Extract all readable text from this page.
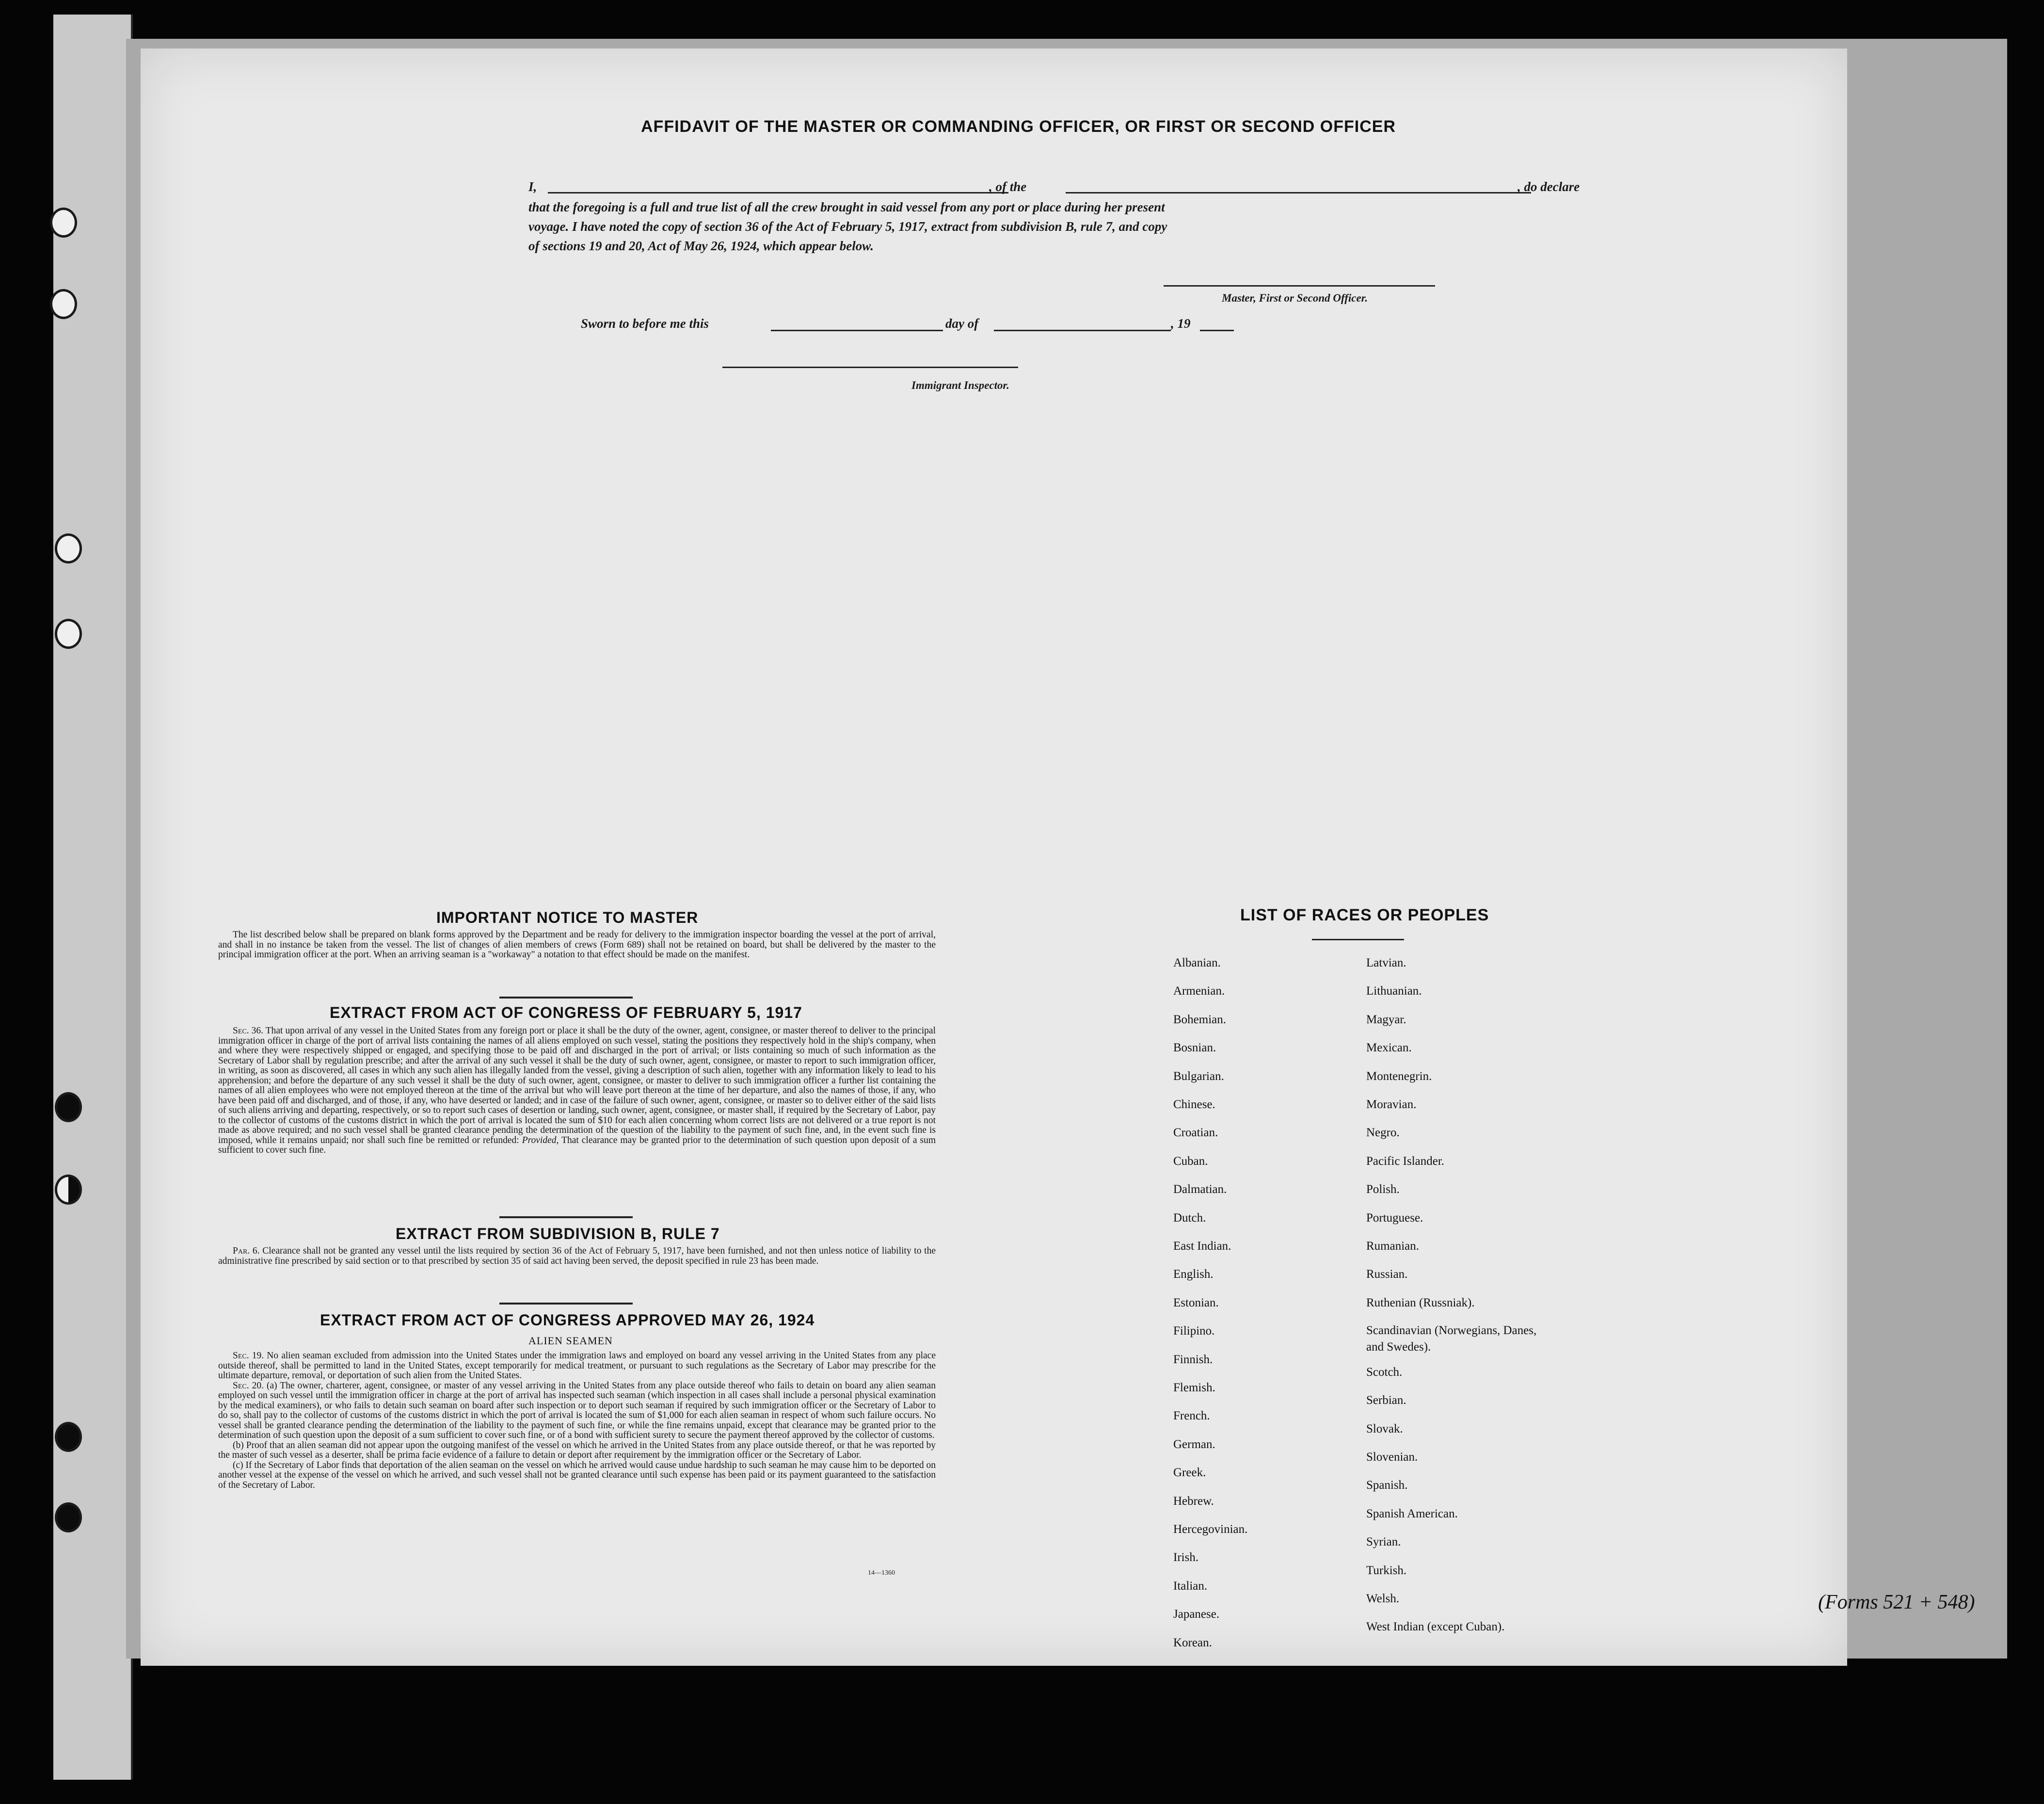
AFFIDAVIT OF THE MASTER OR COMMANDING OFFICER, OR FIRST OR SECOND OFFICER
I,	, of the	, do declare
that the foregoing is a full and true list of all the crew brought in said vessel from any port or place during her present
voyage. I have noted the copy of section 36 of the Act of February 5, 1917, extract from subdivision B, rule 7, and copy
of sections 19 and 20, Act of May 26, 1924, which appear below.
Master, First or Second Officer.
Sworn to before me this	day of	, 19
Immigrant Inspector.
IMPORTANT NOTICE TO MASTER

The list described below shall be prepared on blank forms approved by the Department and be ready for delivery to the immigration inspector boarding the vessel at the port of arrival, and shall in no instance be taken from the vessel. The list of changes of alien members of crews (Form 689) shall not be retained on board, but shall be delivered by the master to the principal immigration officer at the port. When an arriving seaman is a "workaway" a notation to that effect should be made on the manifest.

EXTRACT FROM ACT OF CONGRESS OF FEBRUARY 5, 1917

Sec. 36. That upon arrival of any vessel in the United States from any foreign port or place it shall be the duty of the owner, agent, consignee, or master thereof to deliver to the principal immigration officer in charge of the port of arrival lists containing the names of all aliens employed on such vessel, stating the positions they respectively hold in the ship's company, when and where they were respectively shipped or engaged, and specifying those to be paid off and discharged in the port of arrival; or lists containing so much of such information as the Secretary of Labor shall by regulation prescribe; and after the arrival of any such vessel it shall be the duty of such owner, agent, consignee, or master to report to such immigration officer, in writing, as soon as discovered, all cases in which any such alien has illegally landed from the vessel, giving a description of such alien, together with any information likely to lead to his apprehension; and before the departure of any such vessel it shall be the duty of such owner, agent, consignee, or master to deliver to such immigration officer a further list containing the names of all alien employees who were not employed thereon at the time of the arrival but who will leave port thereon at the time of her departure, and also the names of those, if any, who have been paid off and discharged, and of those, if any, who have deserted or landed; and in case of the failure of such owner, agent, consignee, or master so to deliver either of the said lists of such aliens arriving and departing, respectively, or so to report such cases of desertion or landing, such owner, agent, consignee, or master shall, if required by the Secretary of Labor, pay to the collector of customs of the customs district in which the port of arrival is located the sum of $10 for each alien concerning whom correct lists are not delivered or a true report is not made as above required; and no such vessel shall be granted clearance pending the determination of the question of the liability to the payment of such fine, and, in the event such fine is imposed, while it remains unpaid; nor shall such fine be remitted or refunded: Provided, That clearance may be granted prior to the determination of such question upon deposit of a sum sufficient to cover such fine.

EXTRACT FROM SUBDIVISION B, RULE 7

Par. 6. Clearance shall not be granted any vessel until the lists required by section 36 of the Act of February 5, 1917, have been furnished, and not then unless notice of liability to the administrative fine prescribed by said section or to that prescribed by section 35 of said act having been served, the deposit specified in rule 23 has been made.

EXTRACT FROM ACT OF CONGRESS APPROVED MAY 26, 1924
ALIEN SEAMEN

Sec. 19. No alien seaman excluded from admission into the United States under the immigration laws and employed on board any vessel arriving in the United States from any place outside thereof, shall be permitted to land in the United States, except temporarily for medical treatment, or pursuant to such regulations as the Secretary of Labor may prescribe for the ultimate departure, removal, or deportation of such alien from the United States.

Sec. 20. (a) The owner, charterer, agent, consignee, or master of any vessel arriving in the United States from any place outside thereof who fails to detain on board any alien seaman employed on such vessel until the immigration officer in charge at the port of arrival has inspected such seaman (which inspection in all cases shall include a personal physical examination by the medical examiners), or who fails to detain such seaman on board after such inspection or to deport such seaman if required by such immigration officer or the Secretary of Labor to do so, shall pay to the collector of customs of the customs district in which the port of arrival is located the sum of $1,000 for each alien seaman in respect of whom such failure occurs. No vessel shall be granted clearance pending the determination of the liability to the payment of such fine, or while the fine remains unpaid, except that clearance may be granted prior to the determination of such question upon the deposit of a sum sufficient to cover such fine, or of a bond with sufficient surety to secure the payment thereof approved by the collector of customs.

(b) Proof that an alien seaman did not appear upon the outgoing manifest of the vessel on which he arrived in the United States from any place outside thereof, or that he was reported by the master of such vessel as a deserter, shall be prima facie evidence of a failure to detain or deport after requirement by the immigration officer or the Secretary of Labor.

(c) If the Secretary of Labor finds that deportation of the alien seaman on the vessel on which he arrived would cause undue hardship to such seaman he may cause him to be deported on another vessel at the expense of the vessel on which he arrived, and such vessel shall not be granted clearance until such expense has been paid or its payment guaranteed to the satisfaction of the Secretary of Labor.

14—1360
LIST OF RACES OR PEOPLES
Albanian.
Armenian.
Bohemian.
Bosnian.
Bulgarian.
Chinese.
Croatian.
Cuban.
Dalmatian.
Dutch.
East Indian.
English.
Estonian.
Filipino.
Finnish.
Flemish.
French.
German.
Greek.
Hebrew.
Hercegovinian.
Irish.
Italian.
Japanese.
Korean.
Latvian.
Lithuanian.
Magyar.
Mexican.
Montenegrin.
Moravian.
Negro.
Pacific Islander.
Polish.
Portuguese.
Rumanian.
Russian.
Ruthenian (Russniak).
Scandinavian (Norwegians, Danes, and Swedes).
Scotch.
Serbian.
Slovak.
Slovenian.
Spanish.
Spanish American.
Syrian.
Turkish.
Welsh.
West Indian (except Cuban).
(Forms 521 + 548)
